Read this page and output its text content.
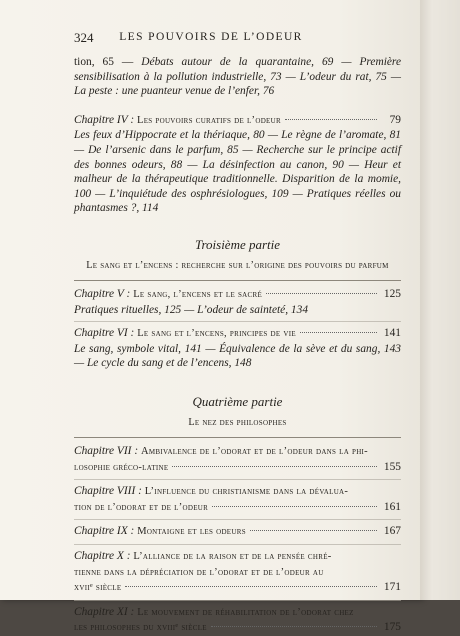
324	LES POUVOIRS DE L’ODEUR
tion, 65 — Débats autour de la quarantaine, 69 — Première sensibilisation à la pollution industrielle, 73 — L’odeur du rat, 75 — La peste : une puanteur venue de l’enfer, 76
Chapitre IV :
Les pouvoirs curatifs de l’odeur	79
Les feux d’Hippocrate et la thériaque, 80 — Le règne de l’aromate, 81 — De l’arsenic dans le parfum, 85 — Recherche sur le principe actif des bonnes odeurs, 88 — La désinfection au canon, 90 — Heur et malheur de la thérapeutique traditionnelle. Disparition de la momie, 100 — L’inquiétude des osphrésiologues, 109 — Pratiques réelles ou phantasmes ?, 114
Troisième partie
Le sang et l’encens : recherche sur l’origine des pouvoirs du parfum
Chapitre V :
Le sang, l’encens et le sacré	125
Pratiques rituelles, 125 — L’odeur de sainteté, 134
Chapitre VI :
Le sang et l’encens, principes de vie	141
Le sang, symbole vital, 141 — Équivalence de la sève et du sang, 143 — Le cycle du sang et de l’encens, 148
Quatrième partie
Le nez des philosophes
Chapitre VII : Ambivalence de l’odorat et de l’odeur dans la phi-
losophie gréco-latine	155
Chapitre VIII : L’influence du christianisme dans la dévalua-
tion de l’odorat et de l’odeur	161
Chapitre IX :
Montaigne et les odeurs	167
Chapitre X : L’alliance de la raison et de la pensée chré-
tienne dans la dépréciation de l’odorat et de l’odeur au
xviiᵉ siècle	171
Chapitre XI : Le mouvement de réhabilitation de l’odorat chez
les philosophes du xviiiᵉ siècle	175
